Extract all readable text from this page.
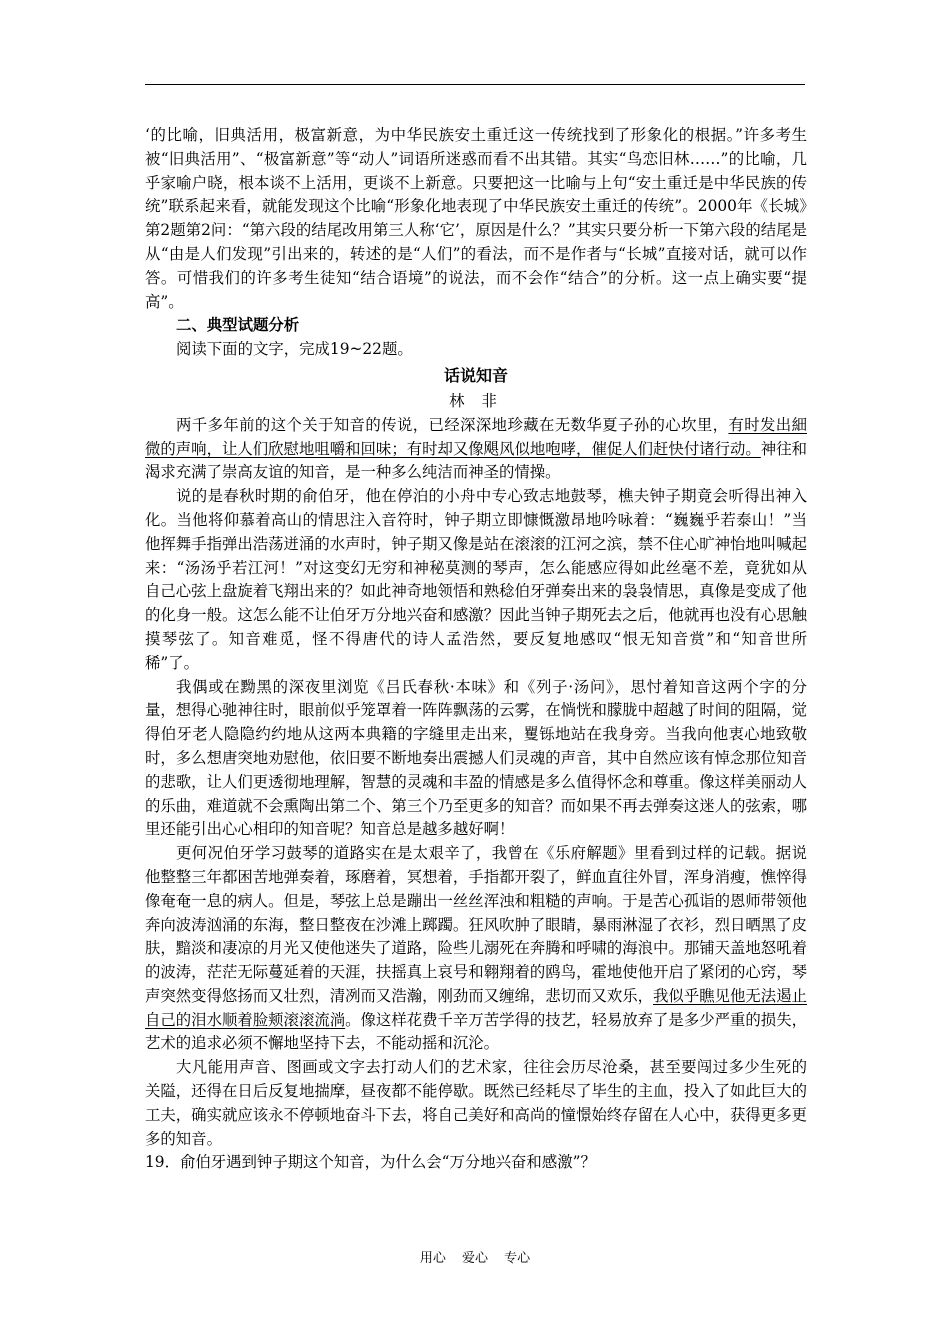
‘的比喻，旧典活用，极富新意，为中华民族安土重迁这一传统找到了形象化的根据。”许多考生被“旧典活用”、“极富新意”等“动人”词语所迷惑而看不出其错。其实“鸟恋旧林……”的比喻，几乎家喻户晓，根本谈不上活用，更谈不上新意。只要把这一比喻与上句“安土重迁是中华民族的传统”联系起来看，就能发现这个比喻“形象化地表现了中华民族安土重迁的传统”。2000年《长城》第2题第2问：“第六段的结尾改用第三人称‘它’，原因是什么？”其实只要分析一下第六段的结尾是从“由是人们发现”引出来的，转述的是“人们”的看法，而不是作者与“长城”直接对话，就可以作答。可惜我们的许多考生徒知“结合语境”的说法，而不会作“结合”的分析。这一点上确实要“提高”。

二、典型试题分析

阅读下面的文字，完成19~22题。

话说知音

林 非

两千多年前的这个关于知音的传说，已经深深地珍藏在无数华夏子孙的心坎里，有时发出細微的声响，让人们欣慰地咀嚼和回味；有时却又像飓风似地咆哮，催促人们赶快付诸行动。神往和渴求充满了崇高友谊的知音，是一种多么纯洁而神圣的情操。

说的是春秋时期的俞伯牙，他在停泊的小舟中专心致志地鼓琴，樵夫钟子期竟会听得出神入化。当他将仰慕着高山的情思注入音符时，钟子期立即慷慨激昂地吟咏着：“巍巍乎若泰山！”当他挥舞手指弹出浩荡迸涌的水声时，钟子期又像是站在滚滚的江河之滨，禁不住心旷神怡地叫喊起来：“汤汤乎若江河！”对这变幻无穷和神秘莫测的琴声，怎么能感应得如此丝毫不差，竟犹如从自己心弦上盘旋着飞翔出来的？如此神奇地领悟和熟稔伯牙弹奏出来的袅袅情思，真像是变成了他的化身一般。这怎么能不让伯牙万分地兴奋和感激？因此当钟子期死去之后，他就再也没有心思触摸琴弦了。知音难觅，怪不得唐代的诗人孟浩然，要反复地感叹“恨无知音赏”和“知音世所稀”了。

我偶或在黝黑的深夜里浏览《吕氏春秋·本味》和《列子·汤问》，思忖着知音这两个字的分量，想得心驰神往时，眼前似乎笼罩着一阵阵飘荡的云雾，在惝恍和朦胧中超越了时间的阻隔，觉得伯牙老人隐隐约约地从这两本典籍的字缝里走出来，矍铄地站在我身旁。当我向他衷心地致敬时，多么想唐突地劝慰他，依旧要不断地奏出震撼人们灵魂的声音，其中自然应该有悼念那位知音的悲歌，让人们更透彻地理解，智慧的灵魂和丰盈的情感是多么值得怀念和尊重。像这样美丽动人的乐曲，难道就不会熏陶出第二个、第三个乃至更多的知音？而如果不再去弹奏这迷人的弦索，哪里还能引出心心相印的知音呢？知音总是越多越好啊！

更何况伯牙学习鼓琴的道路实在是太艰辛了，我曾在《乐府解题》里看到过样的记载。据说他整整三年都困苦地弹奏着，琢磨着，冥想着，手指都开裂了，鲜血直往外冒，浑身消瘦，憔悴得像奄奄一息的病人。但是，琴弦上总是蹦出一丝丝浑浊和粗糙的声响。于是苦心孤诣的恩师带领他奔向波涛汹涌的东海，整日整夜在沙滩上踯躅。狂风吹肿了眼睛，暴雨淋湿了衣衫，烈日晒黑了皮肤，黯淡和凄凉的月光又使他迷失了道路，险些儿溺死在奔腾和呼啸的海浪中。那铺天盖地怒吼着的波涛，茫茫无际蔓延着的天涯，扶摇真上哀号和翱翔着的鸥鸟，霍地使他开启了紧闭的心窍，琴声突然变得悠扬而又壮烈，清冽而又浩瀚，刚劲而又缠绵，悲切而又欢乐，我似乎瞧见他无法遏止自己的泪水顺着脸颊滚滚流淌。像这样花费千辛万苦学得的技艺，轻易放弃了是多少严重的损失，艺术的追求必须不懈地坚持下去，不能动摇和沉沦。

大凡能用声音、图画或文字去打动人们的艺术家，往往会历尽沧桑，甚至要闯过多少生死的关隘，还得在日后反复地揣摩，昼夜都不能停歇。既然已经耗尽了毕生的主血，投入了如此巨大的工夫，确实就应该永不停顿地奋斗下去，将自己美好和高尚的憧憬始终存留在人心中，获得更多更多的知音。

19．俞伯牙遇到钟子期这个知音，为什么会“万分地兴奋和感激”？

用心 爱心 专心
